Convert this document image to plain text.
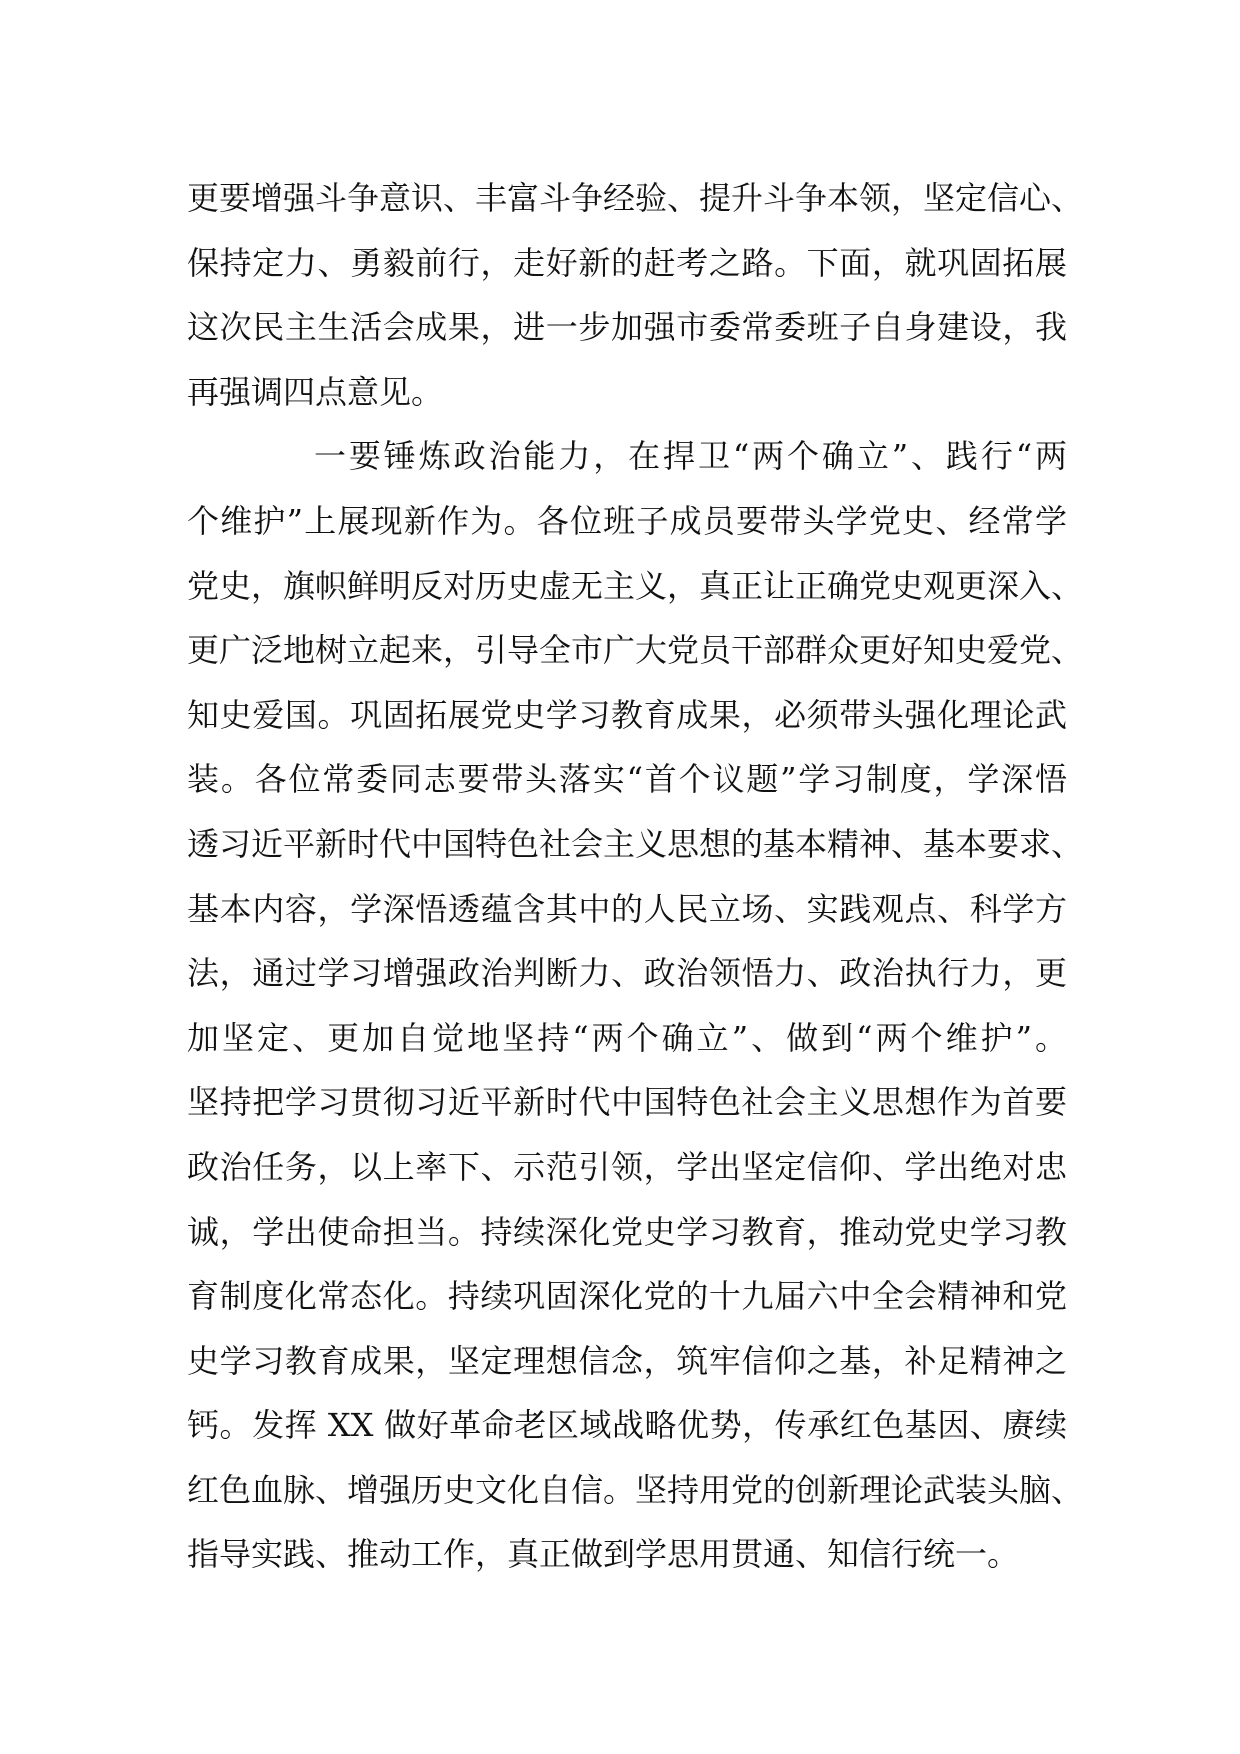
更要增强斗争意识、丰富斗争经验、提升斗争本领，坚定信心、
保持定力、勇毅前行，走好新的赶考之路。下面，就巩固拓展
这次民主生活会成果，进一步加强市委常委班子自身建设，我
再强调四点意见。
一要锤炼政治能力，在捍卫“两个确立”、践行“两
个维护”上展现新作为。各位班子成员要带头学党史、经常学
党史，旗帜鲜明反对历史虚无主义，真正让正确党史观更深入、
更广泛地树立起来，引导全市广大党员干部群众更好知史爱党、
知史爱国。巩固拓展党史学习教育成果，必须带头强化理论武
装。各位常委同志要带头落实“首个议题”学习制度，学深悟
透习近平新时代中国特色社会主义思想的基本精神、基本要求、
基本内容，学深悟透蕴含其中的人民立场、实践观点、科学方
法，通过学习增强政治判断力、政治领悟力、政治执行力，更
加坚定、更加自觉地坚持“两个确立”、做到“两个维护”。
坚持把学习贯彻习近平新时代中国特色社会主义思想作为首要
政治任务，以上率下、示范引领，学出坚定信仰、学出绝对忠
诚，学出使命担当。持续深化党史学习教育，推动党史学习教
育制度化常态化。持续巩固深化党的十九届六中全会精神和党
史学习教育成果，坚定理想信念，筑牢信仰之基，补足精神之
钙。发挥 XX 做好革命老区域战略优势，传承红色基因、赓续
红色血脉、增强历史文化自信。坚持用党的创新理论武装头脑、
指导实践、推动工作，真正做到学思用贯通、知信行统一。
